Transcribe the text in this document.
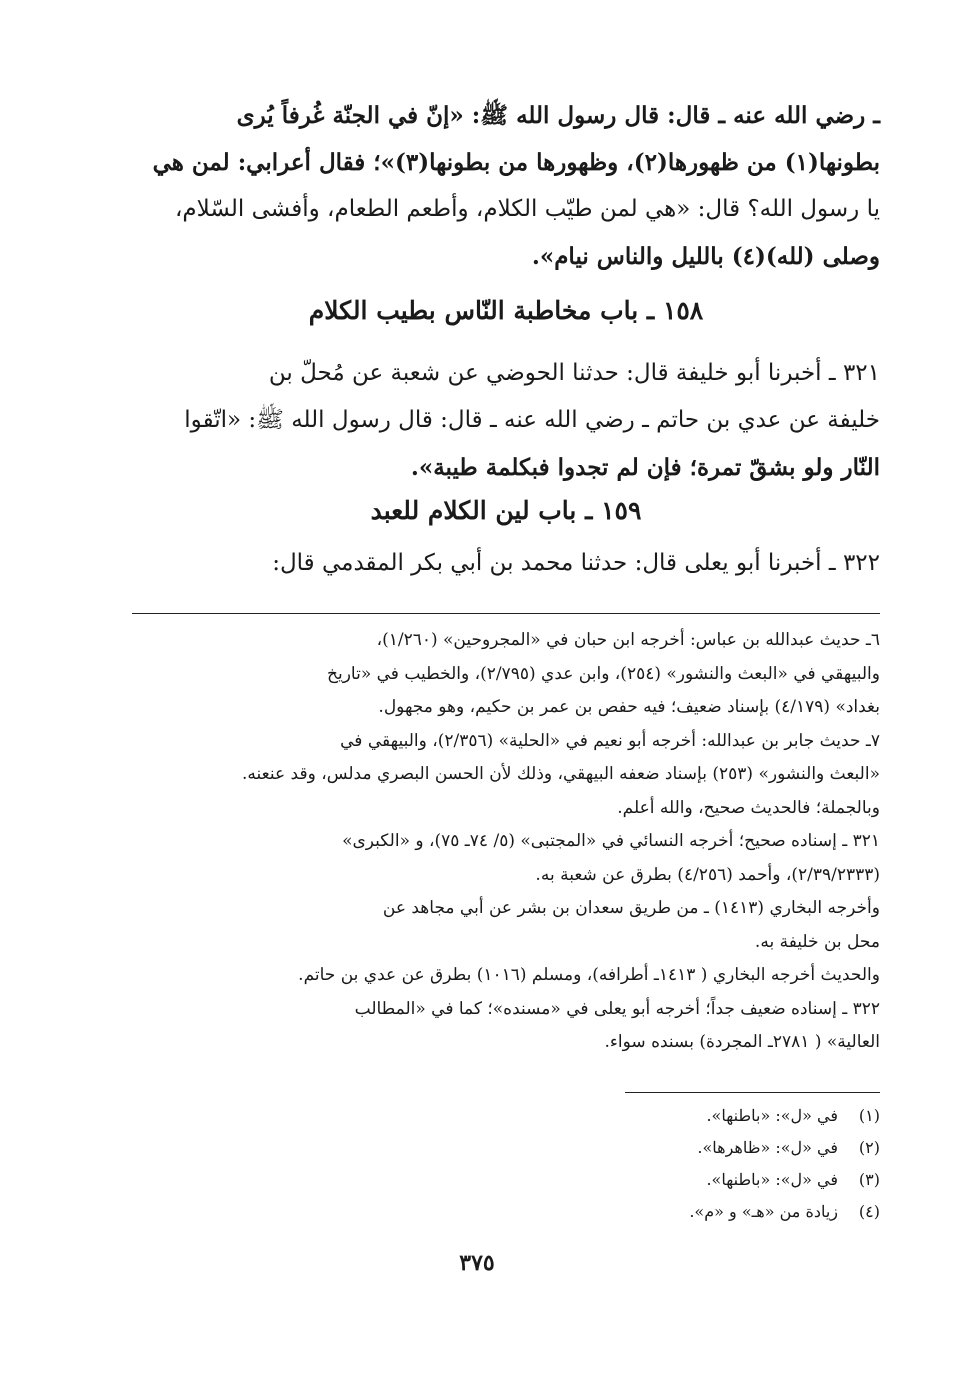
ـ رضي الله عنه ـ قال: قال رسول الله ﷺ: «إنّ في الجنّة غُرفاً يُرى

بطونها(١) من ظهورها(٢)، وظهورها من بطونها(٣)»؛ فقال أعرابي: لمن هي

يا رسول الله؟ قال: «هي لمن طيّب الكلام، وأطعم الطعام، وأفشى السّلام،

وصلى (لله)(٤) بالليل والناس نيام».

١٥٨ ـ باب مخاطبة النّاس بطيب الكلام

٣٢١ ـ أخبرنا أبو خليفة قال: حدثنا الحوضي عن شعبة عن مُحلّ بن

خليفة عن عدي بن حاتم ـ رضي الله عنه ـ قال: قال رسول الله ﷺ: «اتّقوا

النّار ولو بشقّ تمرة؛ فإن لم تجدوا فبكلمة طيبة».

١٥٩ ـ باب لين الكلام للعبد

٣٢٢ ـ أخبرنا أبو يعلى قال: حدثنا محمد بن أبي بكر المقدمي قال:

٦ـ حديث عبدالله بن عباس: أخرجه ابن حبان في «المجروحين» (١/٢٦٠)،

والبيهقي في «البعث والنشور» (٢٥٤)، وابن عدي (٢/٧٩٥)، والخطيب في «تاريخ

بغداد» (٤/١٧٩) بإسناد ضعيف؛ فيه حفص بن عمر بن حكيم، وهو مجهول.

٧ـ حديث جابر بن عبدالله: أخرجه أبو نعيم في «الحلية» (٢/٣٥٦)، والبيهقي في

«البعث والنشور» (٢٥٣) بإسناد ضعفه البيهقي، وذلك لأن الحسن البصري مدلس، وقد عنعنه.

وبالجملة؛ فالحديث صحيح، والله أعلم.

٣٢١ ـ إسناده صحيح؛ أخرجه النسائي في «المجتبى» (٥/ ٧٤ـ ٧٥)، و «الكبرى»

(٢/٣٩/٢٣٣٣)، وأحمد (٤/٢٥٦) بطرق عن شعبة به.

وأخرجه البخاري (١٤١٣) ـ من طريق سعدان بن بشر عن أبي مجاهد عن

محل بن خليفة به.

والحديث أخرجه البخاري ( ١٤١٣ـ أطرافه)، ومسلم (١٠١٦) بطرق عن عدي بن حاتم.

٣٢٢ ـ إسناده ضعيف جداً؛ أخرجه أبو يعلى في «مسنده»؛ كما في «المطالب

العالية» ( ٢٧٨١ـ المجردة) بسنده سواء.

(١)
في «ل»: «باطنها».

(٢)
في «ل»: «ظاهرها».

(٣)
في «ل»: «باطنها».

(٤)
زيادة من «هـ» و «م».

٣٧٥
